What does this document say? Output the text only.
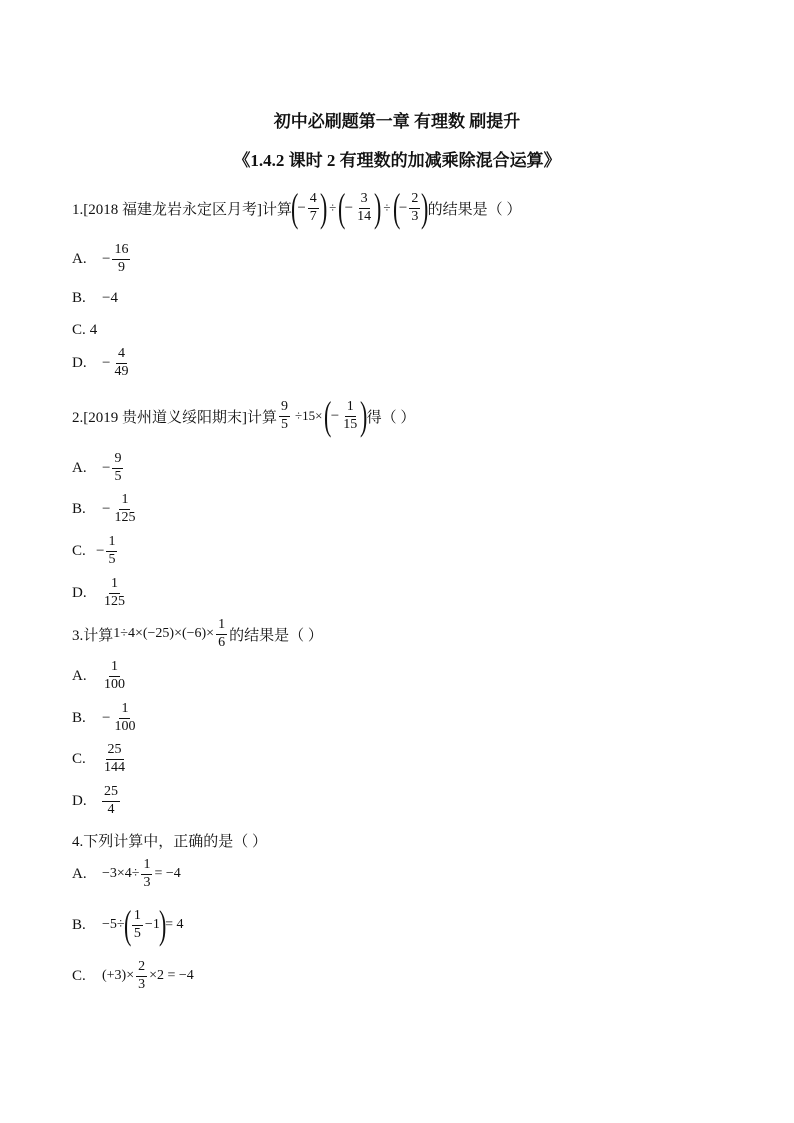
初中必刷题第一章 有理数 刷提升
《1.4.2 课时 2 有理数的加减乘除混合运算》
1.[2018 福建龙岩永定区月考]计算
(
− $\frac{4}{7}$ ) ÷ (
− $\frac{3}{14}$ ) ÷ (
− $\frac{2}{3}$ )
的结果是（ ）
A.	− $\frac{16}{9}$
B.	−4
C. 4
D.	− $\frac{4}{49}$
2.[2019 贵州道义绥阳期末]计算 $\frac{9}{5} \div 15\times$ (
− $\frac{1}{15}$ )
得（ ）
A.	− $\frac{9}{5}$
B.	− $\frac{1}{125}$
C. − $\frac{1}{5}$
D.	$\frac{1}{125}$
3.计算 $1\div 4\times(-25)\times(-6)\times \frac{1}{6}$ 的结果是（ ）
A.	$\frac{1}{100}$
B.	− $\frac{1}{100}$
C.	$\frac{25}{144}$
D.	$\frac{25}{4}$
4.下列计算中，正确的是（ ）
A.	$-3\times 4\div \frac{1}{3} = -4$
B.	−5÷
( $\frac{1}{5} -1$
)
= 4
C.	$(+3)\times \frac{2}{3} \times 2 = -4$
